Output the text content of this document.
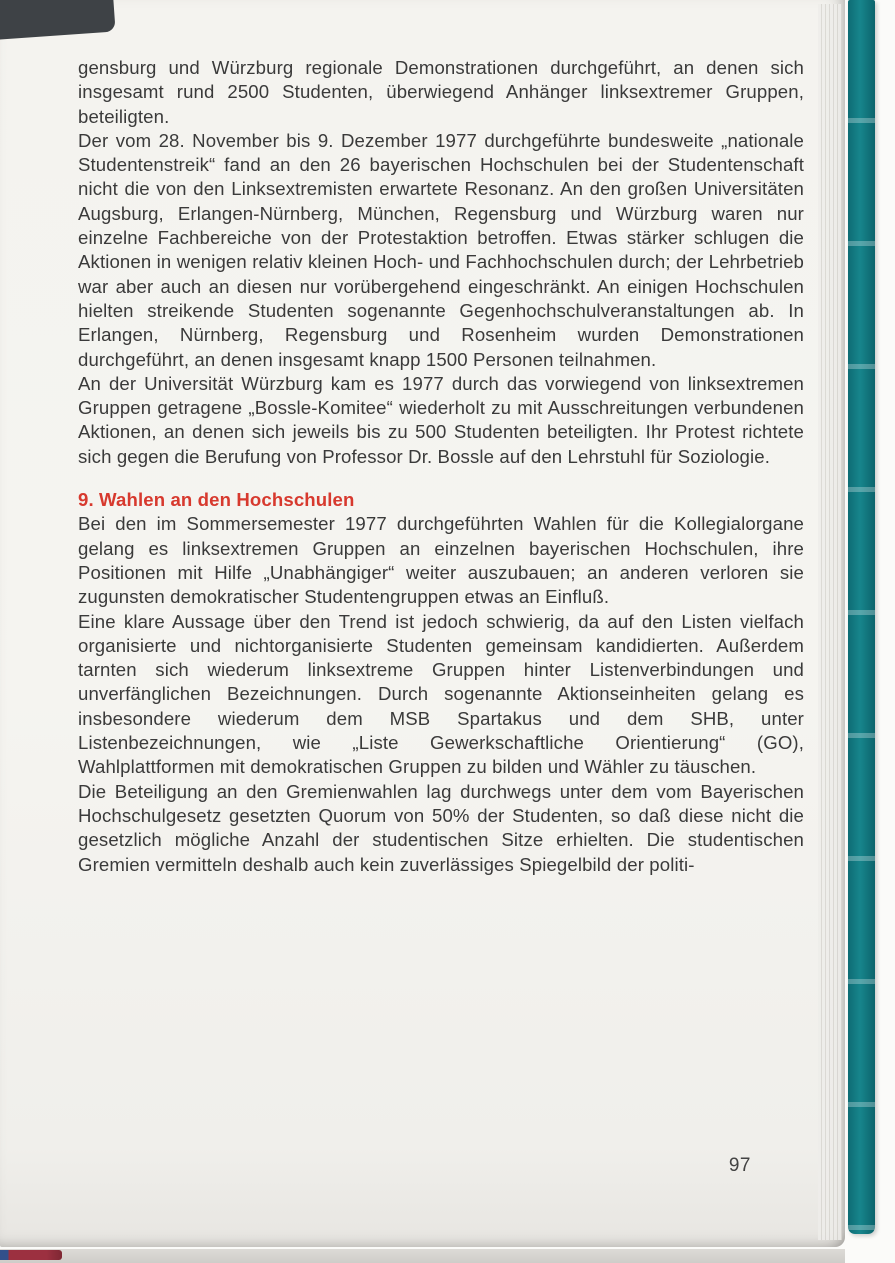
gensburg und Würzburg regionale Demonstrationen durchgeführt, an denen sich insgesamt rund 2500 Studenten, überwiegend Anhänger linksextremer Gruppen, beteiligten.

Der vom 28. November bis 9. Dezember 1977 durchgeführte bundesweite „nationale Studentenstreik“ fand an den 26 bayerischen Hochschulen bei der Studentenschaft nicht die von den Linksextremisten erwartete Resonanz. An den großen Universitäten Augsburg, Erlangen-Nürnberg, München, Regensburg und Würzburg waren nur einzelne Fachbereiche von der Protestaktion betroffen. Etwas stärker schlugen die Aktionen in wenigen relativ kleinen Hoch- und Fachhochschulen durch; der Lehrbetrieb war aber auch an diesen nur vorübergehend eingeschränkt. An einigen Hochschulen hielten streikende Studenten sogenannte Gegenhochschulveranstaltungen ab. In Erlangen, Nürnberg, Regensburg und Rosenheim wurden Demonstrationen durchgeführt, an denen insgesamt knapp 1500 Personen teilnahmen.

An der Universität Würzburg kam es 1977 durch das vorwiegend von linksextremen Gruppen getragene „Bossle-Komitee“ wiederholt zu mit Ausschreitungen verbundenen Aktionen, an denen sich jeweils bis zu 500 Studenten beteiligten. Ihr Protest richtete sich gegen die Berufung von Professor Dr. Bossle auf den Lehrstuhl für Soziologie.

9. Wahlen an den Hochschulen

Bei den im Sommersemester 1977 durchgeführten Wahlen für die Kollegialorgane gelang es linksextremen Gruppen an einzelnen bayerischen Hochschulen, ihre Positionen mit Hilfe „Unabhängiger“ weiter auszubauen; an anderen verloren sie zugunsten demokratischer Studentengruppen etwas an Einfluß.

Eine klare Aussage über den Trend ist jedoch schwierig, da auf den Listen vielfach organisierte und nichtorganisierte Studenten gemeinsam kandidierten. Außerdem tarnten sich wiederum linksextreme Gruppen hinter Listenverbindungen und unverfänglichen Bezeichnungen. Durch sogenannte Aktionseinheiten gelang es insbesondere wiederum dem MSB Spartakus und dem SHB, unter Listenbezeichnungen, wie „Liste Gewerkschaftliche Orientierung“ (GO), Wahlplattformen mit demokratischen Gruppen zu bilden und Wähler zu täuschen.

Die Beteiligung an den Gremienwahlen lag durchwegs unter dem vom Bayerischen Hochschulgesetz gesetzten Quorum von 50% der Studenten, so daß diese nicht die gesetzlich mögliche Anzahl der studentischen Sitze erhielten. Die studentischen Gremien vermitteln deshalb auch kein zuverlässiges Spiegelbild der politi-

97
